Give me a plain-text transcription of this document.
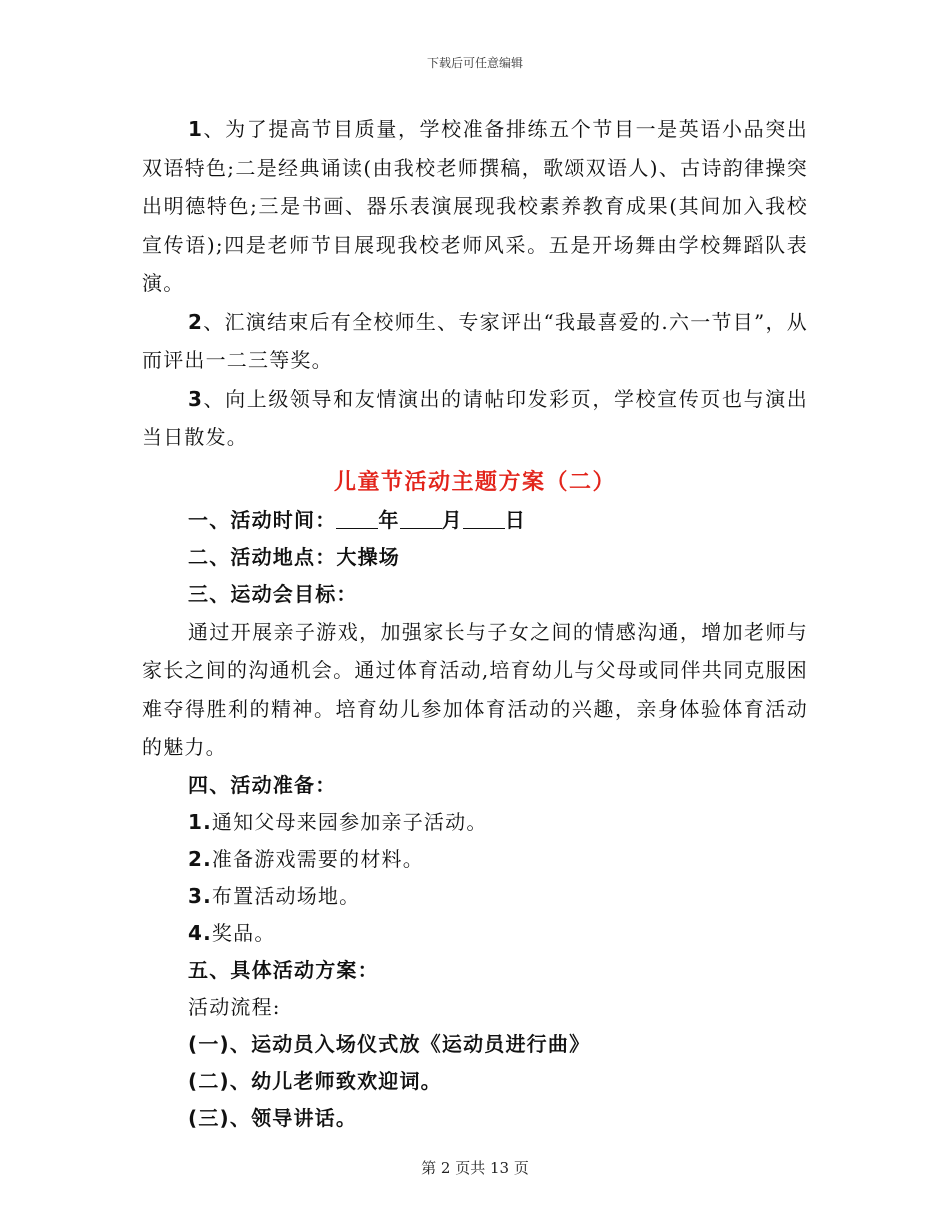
下载后可任意编辑

1、为了提高节目质量，学校准备排练五个节目一是英语小品突出双语特色;二是经典诵读(由我校老师撰稿，歌颂双语人)、古诗韵律操突出明德特色;三是书画、器乐表演展现我校素养教育成果(其间加入我校宣传语);四是老师节目展现我校老师风采。五是开场舞由学校舞蹈队表演。

2、汇演结束后有全校师生、专家评出“我最喜爱的.六一节目”，从而评出一二三等奖。

3、向上级领导和友情演出的请帖印发彩页，学校宣传页也与演出当日散发。

儿童节活动主题方案（二）

一、活动时间： 年 月 日

二、活动地点：大操场

三、运动会目标：

通过开展亲子游戏，加强家长与子女之间的情感沟通，增加老师与家长之间的沟通机会。通过体育活动,培育幼儿与父母或同伴共同克服困难夺得胜利的精神。培育幼儿参加体育活动的兴趣，亲身体验体育活动的魅力。

四、活动准备：

1.通知父母来园参加亲子活动。

2.准备游戏需要的材料。

3.布置活动场地。

4.奖品。

五、具体活动方案：

活动流程:

(一)、运动员入场仪式放《运动员进行曲》

(二)、幼儿老师致欢迎词。

(三)、领导讲话。

第 2 页共 13 页
